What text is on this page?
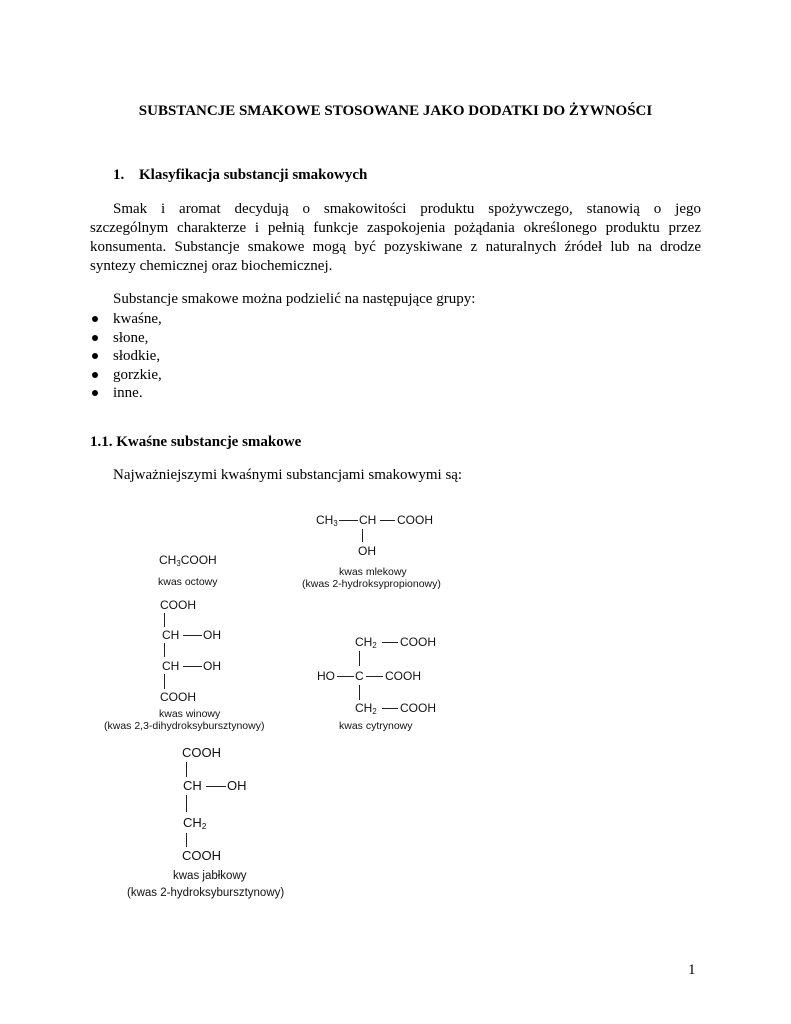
SUBSTANCJE SMAKOWE STOSOWANE JAKO DODATKI DO ŻYWNOŚCI
1. Klasyfikacja substancji smakowych
Smak i aromat decydują o smakowitości produktu spożywczego, stanowią o jego
szczególnym charakterze i pełnią funkcje zaspokojenia pożądania określonego produktu przez
konsumenta. Substancje smakowe mogą być pozyskiwane z naturalnych źródeł lub na drodze
syntezy chemicznej oraz biochemicznej.
Substancje smakowe można podzielić na następujące grupy:
kwaśne,
słone,
słodkie,
gorzkie,
inne.
1.1. Kwaśne substancje smakowe
Najważniejszymi kwaśnymi substancjami smakowymi są:
$CH_3$ CH COOH
OH
kwas mlekowy
(kwas 2-hydroksypropionowy)
$CH_3COOH$
kwas octowy
COOH
CH OH
CH OH
COOH
kwas winowy
(kwas 2,3-dihydroksybursztynowy)
$CH_2$ COOH
HO C COOH
$CH_2$ COOH
kwas cytrynowy
COOH
CH OH
$CH_2$
COOH
kwas jabłkowy
(kwas 2-hydroksybursztynowy)
1
